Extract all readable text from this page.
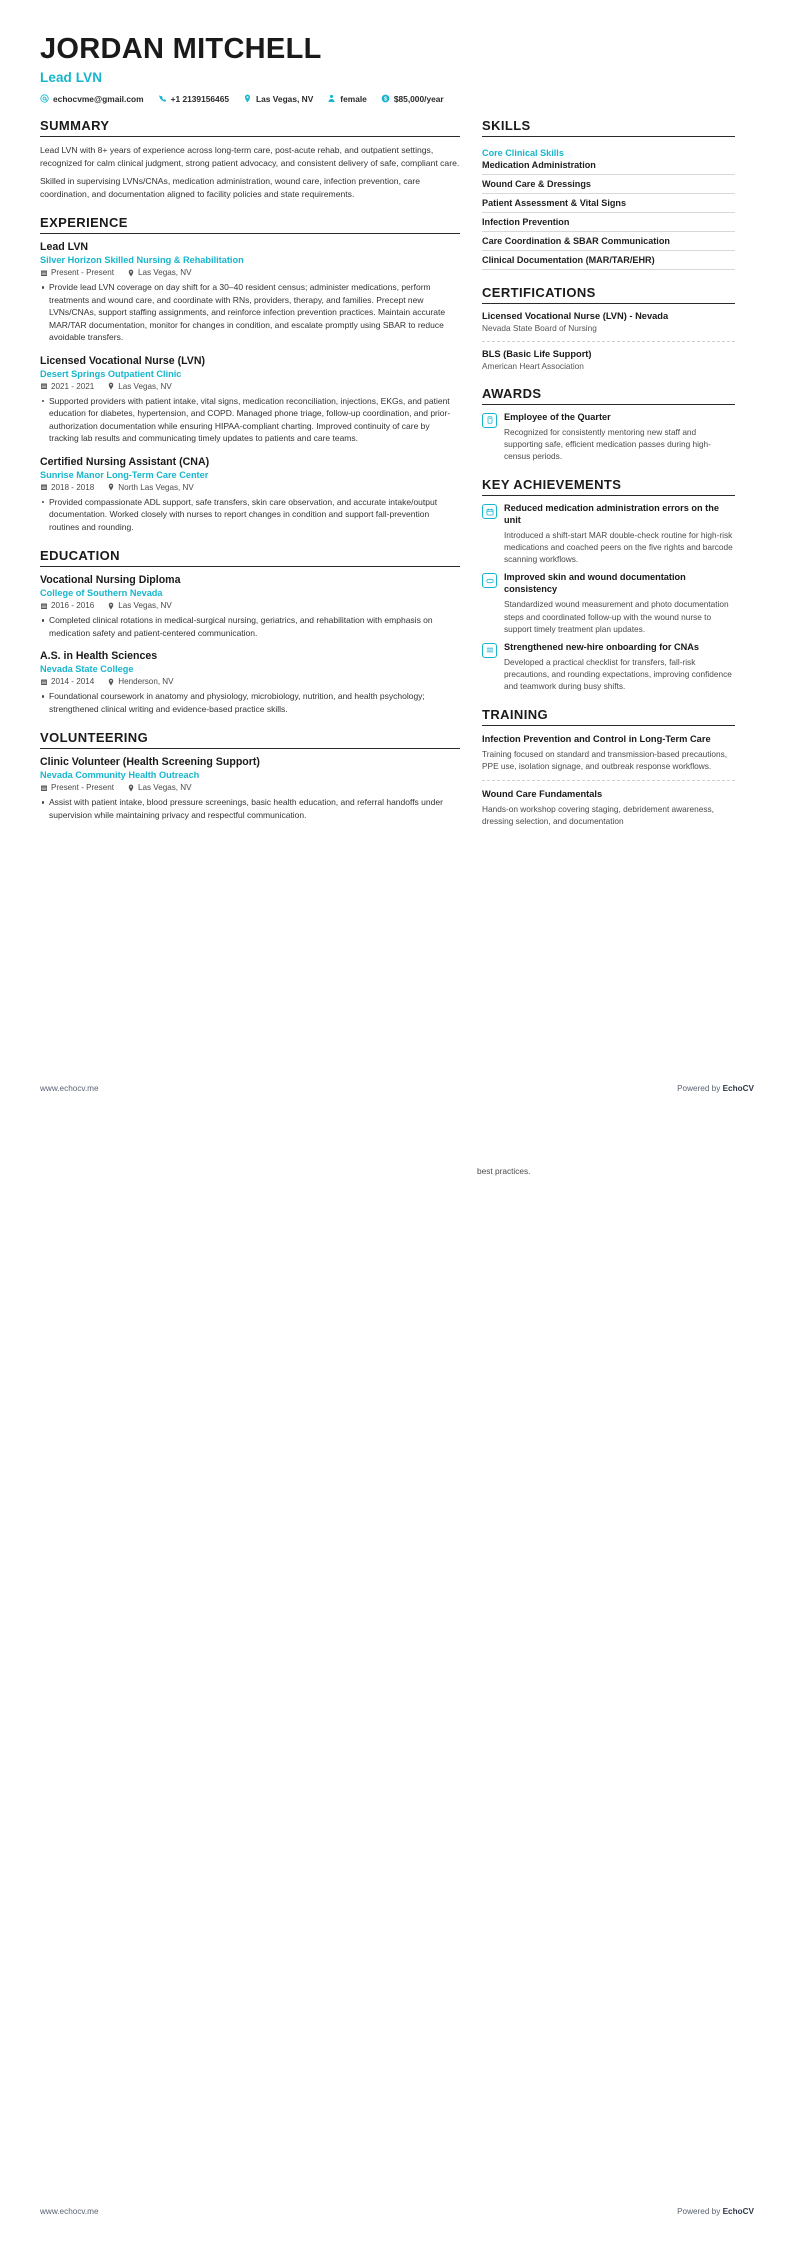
JORDAN MITCHELL
Lead LVN
echocvme@gmail.com	+1 2139156465	Las Vegas, NV	female $ $85,000/year
SUMMARY
Lead LVN with 8+ years of experience across long-term care, post-acute rehab, and outpatient settings, recognized for calm clinical judgment, strong patient advocacy, and consistent delivery of safe, compliant care.
Skilled in supervising LVNs/CNAs, medication administration, wound care, infection prevention, care coordination, and documentation aligned to facility policies and state requirements.
EXPERIENCE
Lead LVN
Silver Horizon Skilled Nursing & Rehabilitation
Present - Present	Las Vegas, NV
Provide lead LVN coverage on day shift for a 30–40 resident census; administer medications, perform treatments and wound care, and coordinate with RNs, providers, therapy, and families. Precept new LVNs/CNAs, support staffing assignments, and reinforce infection prevention practices. Maintain accurate MAR/TAR documentation, monitor for changes in condition, and escalate promptly using SBAR to reduce avoidable transfers.
Licensed Vocational Nurse (LVN)
Desert Springs Outpatient Clinic
2021 - 2021	Las Vegas, NV
Supported providers with patient intake, vital signs, medication reconciliation, injections, EKGs, and patient education for diabetes, hypertension, and COPD. Managed phone triage, follow-up coordination, and prior-authorization documentation while ensuring HIPAA-compliant charting. Improved continuity of care by tracking lab results and communicating timely updates to patients and care teams.
Certified Nursing Assistant (CNA)
Sunrise Manor Long-Term Care Center
2018 - 2018	North Las Vegas, NV
Provided compassionate ADL support, safe transfers, skin care observation, and accurate intake/output documentation. Worked closely with nurses to report changes in condition and support fall-prevention routines and rounding.
EDUCATION
Vocational Nursing Diploma
College of Southern Nevada
2016 - 2016	Las Vegas, NV
Completed clinical rotations in medical-surgical nursing, geriatrics, and rehabilitation with emphasis on medication safety and patient-centered communication.
A.S. in Health Sciences
Nevada State College
2014 - 2014	Henderson, NV
Foundational coursework in anatomy and physiology, microbiology, nutrition, and health psychology; strengthened clinical writing and evidence-based practice skills.
VOLUNTEERING
Clinic Volunteer (Health Screening Support)
Nevada Community Health Outreach
Present - Present	Las Vegas, NV
Assist with patient intake, blood pressure screenings, basic health education, and referral handoffs under supervision while maintaining privacy and respectful communication.
SKILLS
Core Clinical Skills
Medication Administration
Wound Care & Dressings
Patient Assessment & Vital Signs
Infection Prevention
Care Coordination & SBAR Communication
Clinical Documentation (MAR/TAR/EHR)
CERTIFICATIONS
Licensed Vocational Nurse (LVN) - Nevada
Nevada State Board of Nursing
BLS (Basic Life Support)
American Heart Association
AWARDS
Employee of the Quarter
Recognized for consistently mentoring new staff and supporting safe, efficient medication passes during high-census periods.
KEY ACHIEVEMENTS
Reduced medication administration errors on the unit
Introduced a shift-start MAR double-check routine for high-risk medications and coached peers on the five rights and barcode scanning workflows.
Improved skin and wound documentation consistency
Standardized wound measurement and photo documentation steps and coordinated follow-up with the wound nurse to support timely treatment plan updates.
Strengthened new-hire onboarding for CNAs
Developed a practical checklist for transfers, fall-risk precautions, and rounding expectations, improving confidence and teamwork during busy shifts.
TRAINING
Infection Prevention and Control in Long-Term Care
Training focused on standard and transmission-based precautions, PPE use, isolation signage, and outbreak response workflows.
Wound Care Fundamentals
Hands-on workshop covering staging, debridement awareness, dressing selection, and documentation
www.echocv.me	Powered by EchoCV
best practices.
www.echocv.me	Powered by EchoCV
